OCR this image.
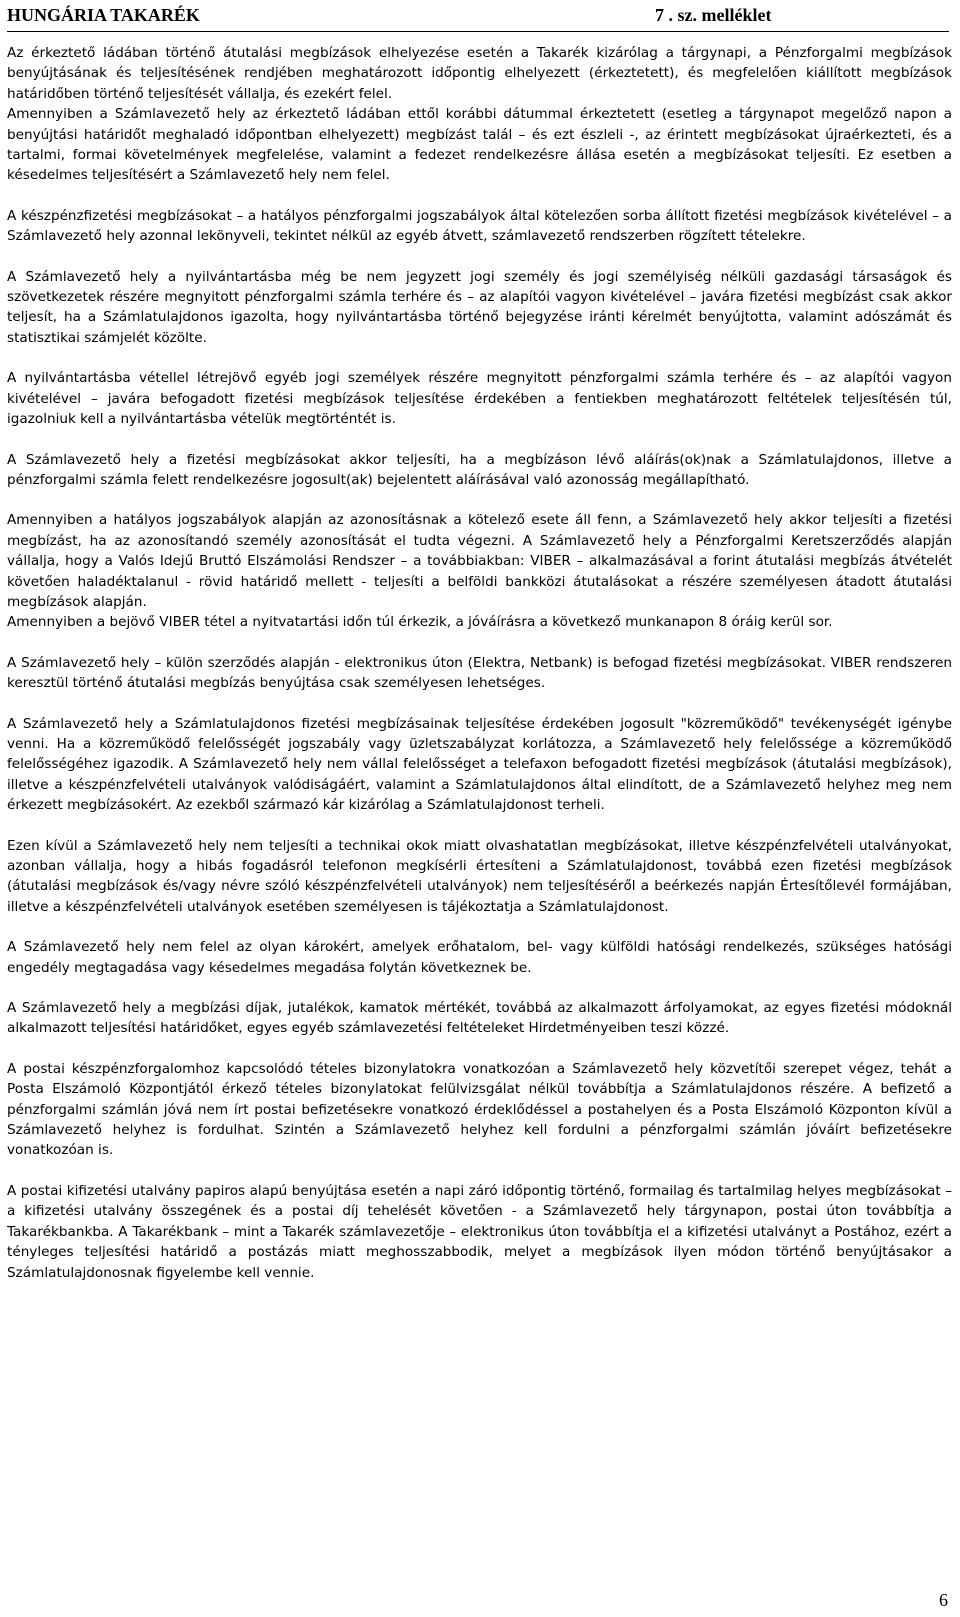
HUNGÁRIA TAKARÉK	7 . sz. melléklet

Az érkeztető ládában történő átutalási megbízások elhelyezése esetén a Takarék kizárólag a tárgynapi, a Pénzforgalmi megbízások benyújtásának és teljesítésének rendjében meghatározott időpontig elhelyezett (érkeztetett), és megfelelően kiállított megbízások határidőben történő teljesítését vállalja, és ezekért felel.

Amennyiben a Számlavezető hely az érkeztető ládában ettől korábbi dátummal érkeztetett (esetleg a tárgynapot megelőző napon a benyújtási határidőt meghaladó időpontban elhelyezett) megbízást talál – és ezt észleli -, az érintett megbízásokat újraérkezteti, és a tartalmi, formai követelmények megfelelése, valamint a fedezet rendelkezésre állása esetén a megbízásokat teljesíti. Ez esetben a késedelmes teljesítésért a Számlavezető hely nem felel.

A készpénzfizetési megbízásokat – a hatályos pénzforgalmi jogszabályok által kötelezően sorba állított fizetési megbízások kivételével – a Számlavezető hely azonnal lekönyveli, tekintet nélkül az egyéb átvett, számlavezető rendszerben rögzített tételekre.

A Számlavezető hely a nyilvántartásba még be nem jegyzett jogi személy és jogi személyiség nélküli gazdasági társaságok és szövetkezetek részére megnyitott pénzforgalmi számla terhére és – az alapítói vagyon kivételével – javára fizetési megbízást csak akkor teljesít, ha a Számlatulajdonos igazolta, hogy nyilvántartásba történő bejegyzése iránti kérelmét benyújtotta, valamint adószámát és statisztikai számjelét közölte.

A nyilvántartásba vétellel létrejövő egyéb jogi személyek részére megnyitott pénzforgalmi számla terhére és – az alapítói vagyon kivételével – javára befogadott fizetési megbízások teljesítése érdekében a fentiekben meghatározott feltételek teljesítésén túl, igazolniuk kell a nyilvántartásba vételük megtörténtét is.

A Számlavezető hely a fizetési megbízásokat akkor teljesíti, ha a megbízáson lévő aláírás(ok)nak a Számlatulajdonos, illetve a pénzforgalmi számla felett rendelkezésre jogosult(ak) bejelentett aláírásával való azonosság megállapítható.

Amennyiben a hatályos jogszabályok alapján az azonosításnak a kötelező esete áll fenn, a Számlavezető hely akkor teljesíti a fizetési megbízást, ha az azonosítandó személy azonosítását el tudta végezni. A Számlavezető hely a Pénzforgalmi Keretszerződés alapján vállalja, hogy a Valós Idejű Bruttó Elszámolási Rendszer – a továbbiakban: VIBER – alkalmazásával a forint átutalási megbízás átvételét követően haladéktalanul - rövid határidő mellett - teljesíti a belföldi bankközi átutalásokat a részére személyesen átadott átutalási megbízások alapján.

Amennyiben a bejövő VIBER tétel a nyitvatartási időn túl érkezik, a jóváírásra a következő munkanapon 8 óráig kerül sor.

A Számlavezető hely – külön szerződés alapján - elektronikus úton (Elektra, Netbank) is befogad fizetési megbízásokat. VIBER rendszeren keresztül történő átutalási megbízás benyújtása csak személyesen lehetséges.

A Számlavezető hely a Számlatulajdonos fizetési megbízásainak teljesítése érdekében jogosult "közreműködő" tevékenységét igénybe venni. Ha a közreműködő felelősségét jogszabály vagy üzletszabályzat korlátozza, a Számlavezető hely felelőssége a közreműködő felelősségéhez igazodik. A Számlavezető hely nem vállal felelősséget a telefaxon befogadott fizetési megbízások (átutalási megbízások), illetve a készpénzfelvételi utalványok valódiságáért, valamint a Számlatulajdonos által elindított, de a Számlavezető helyhez meg nem érkezett megbízásokért. Az ezekből származó kár kizárólag a Számlatulajdonost terheli.

Ezen kívül a Számlavezető hely nem teljesíti a technikai okok miatt olvashatatlan megbízásokat, illetve készpénzfelvételi utalványokat, azonban vállalja, hogy a hibás fogadásról telefonon megkísérli értesíteni a Számlatulajdonost, továbbá ezen fizetési megbízások (átutalási megbízások és/vagy névre szóló készpénzfelvételi utalványok) nem teljesítéséről a beérkezés napján Értesítőlevél formájában, illetve a készpénzfelvételi utalványok esetében személyesen is tájékoztatja a Számlatulajdonost.

A Számlavezető hely nem felel az olyan károkért, amelyek erőhatalom, bel- vagy külföldi hatósági rendelkezés, szükséges hatósági engedély megtagadása vagy késedelmes megadása folytán következnek be.

A Számlavezető hely a megbízási díjak, jutalékok, kamatok mértékét, továbbá az alkalmazott árfolyamokat, az egyes fizetési módoknál alkalmazott teljesítési határidőket, egyes egyéb számlavezetési feltételeket Hirdetményeiben teszi közzé.

A postai készpénzforgalomhoz kapcsolódó tételes bizonylatokra vonatkozóan a Számlavezető hely közvetítői szerepet végez, tehát a Posta Elszámoló Központjától érkező tételes bizonylatokat felülvizsgálat nélkül továbbítja a Számlatulajdonos részére. A befizető a pénzforgalmi számlán jóvá nem írt postai befizetésekre vonatkozó érdeklődéssel a postahelyen és a Posta Elszámoló Központon kívül a Számlavezető helyhez is fordulhat. Szintén a Számlavezető helyhez kell fordulni a pénzforgalmi számlán jóváírt befizetésekre vonatkozóan is.

A postai kifizetési utalvány papiros alapú benyújtása esetén a napi záró időpontig történő, formailag és tartalmilag helyes megbízásokat – a kifizetési utalvány összegének és a postai díj tehelését követően - a Számlavezető hely tárgynapon, postai úton továbbítja a Takarékbankba. A Takarékbank – mint a Takarék számlavezetője – elektronikus úton továbbítja el a kifizetési utalványt a Postához, ezért a tényleges teljesítési határidő a postázás miatt meghosszabbodik, melyet a megbízások ilyen módon történő benyújtásakor a Számlatulajdonosnak figyelembe kell vennie.

6
